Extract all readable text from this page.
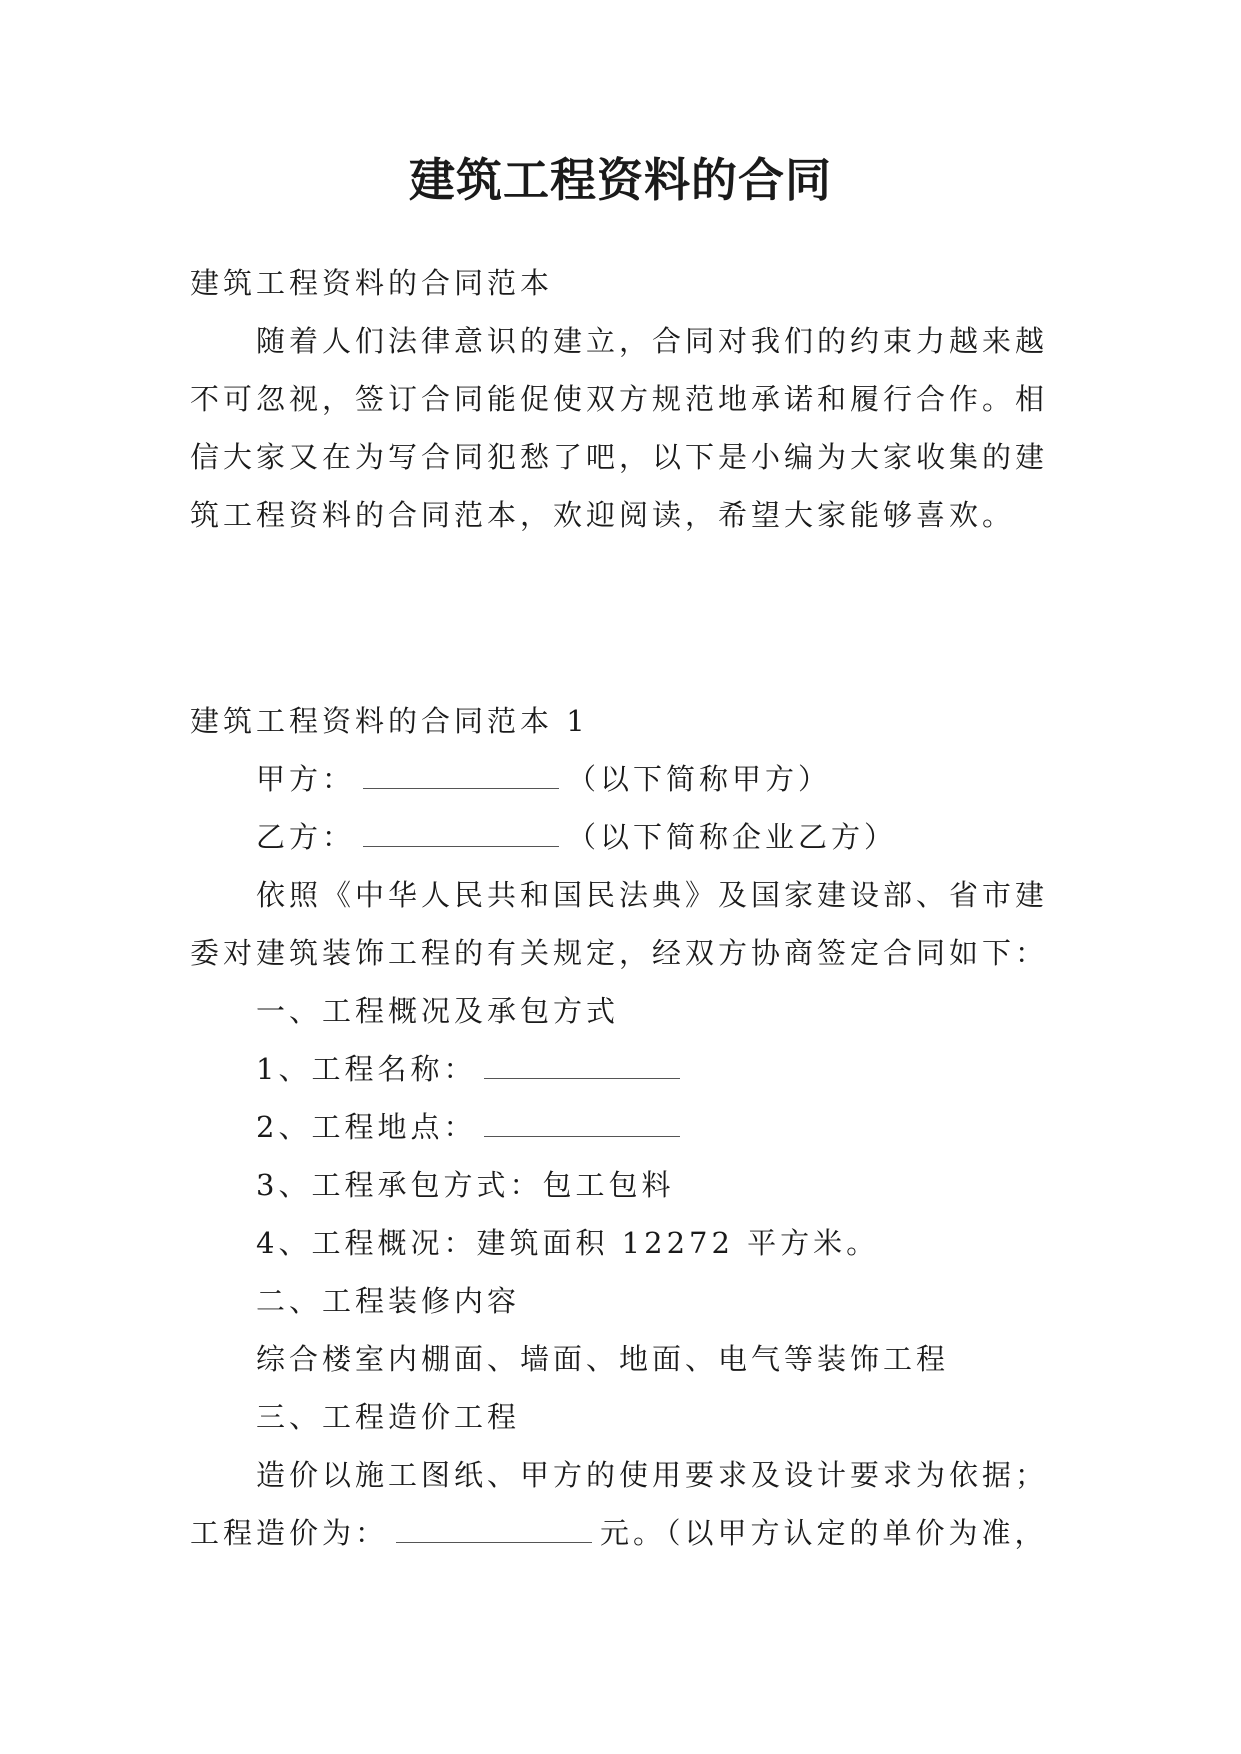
建筑工程资料的合同
建筑工程资料的合同范本
随着人们法律意识的建立，合同对我们的约束力越来越
不可忽视，签订合同能促使双方规范地承诺和履行合作。相
信大家又在为写合同犯愁了吧，以下是小编为大家收集的建
筑工程资料的合同范本，欢迎阅读，希望大家能够喜欢。
建筑工程资料的合同范本 1
甲方：	（以下简称甲方）
乙方：	（以下简称企业乙方）
依照《中华人民共和国民法典》及国家建设部、省市建
委对建筑装饰工程的有关规定，经双方协商签定合同如下：
一、工程概况及承包方式
1、工程名称：
2、工程地点：
3、工程承包方式：包工包料
4、工程概况：建筑面积 12272 平方米。
二、工程装修内容
综合楼室内棚面、墙面、地面、电气等装饰工程
三、工程造价工程
造价以施工图纸、甲方的使用要求及设计要求为依据；
工程造价为：	元。（以甲方认定的单价为准，
